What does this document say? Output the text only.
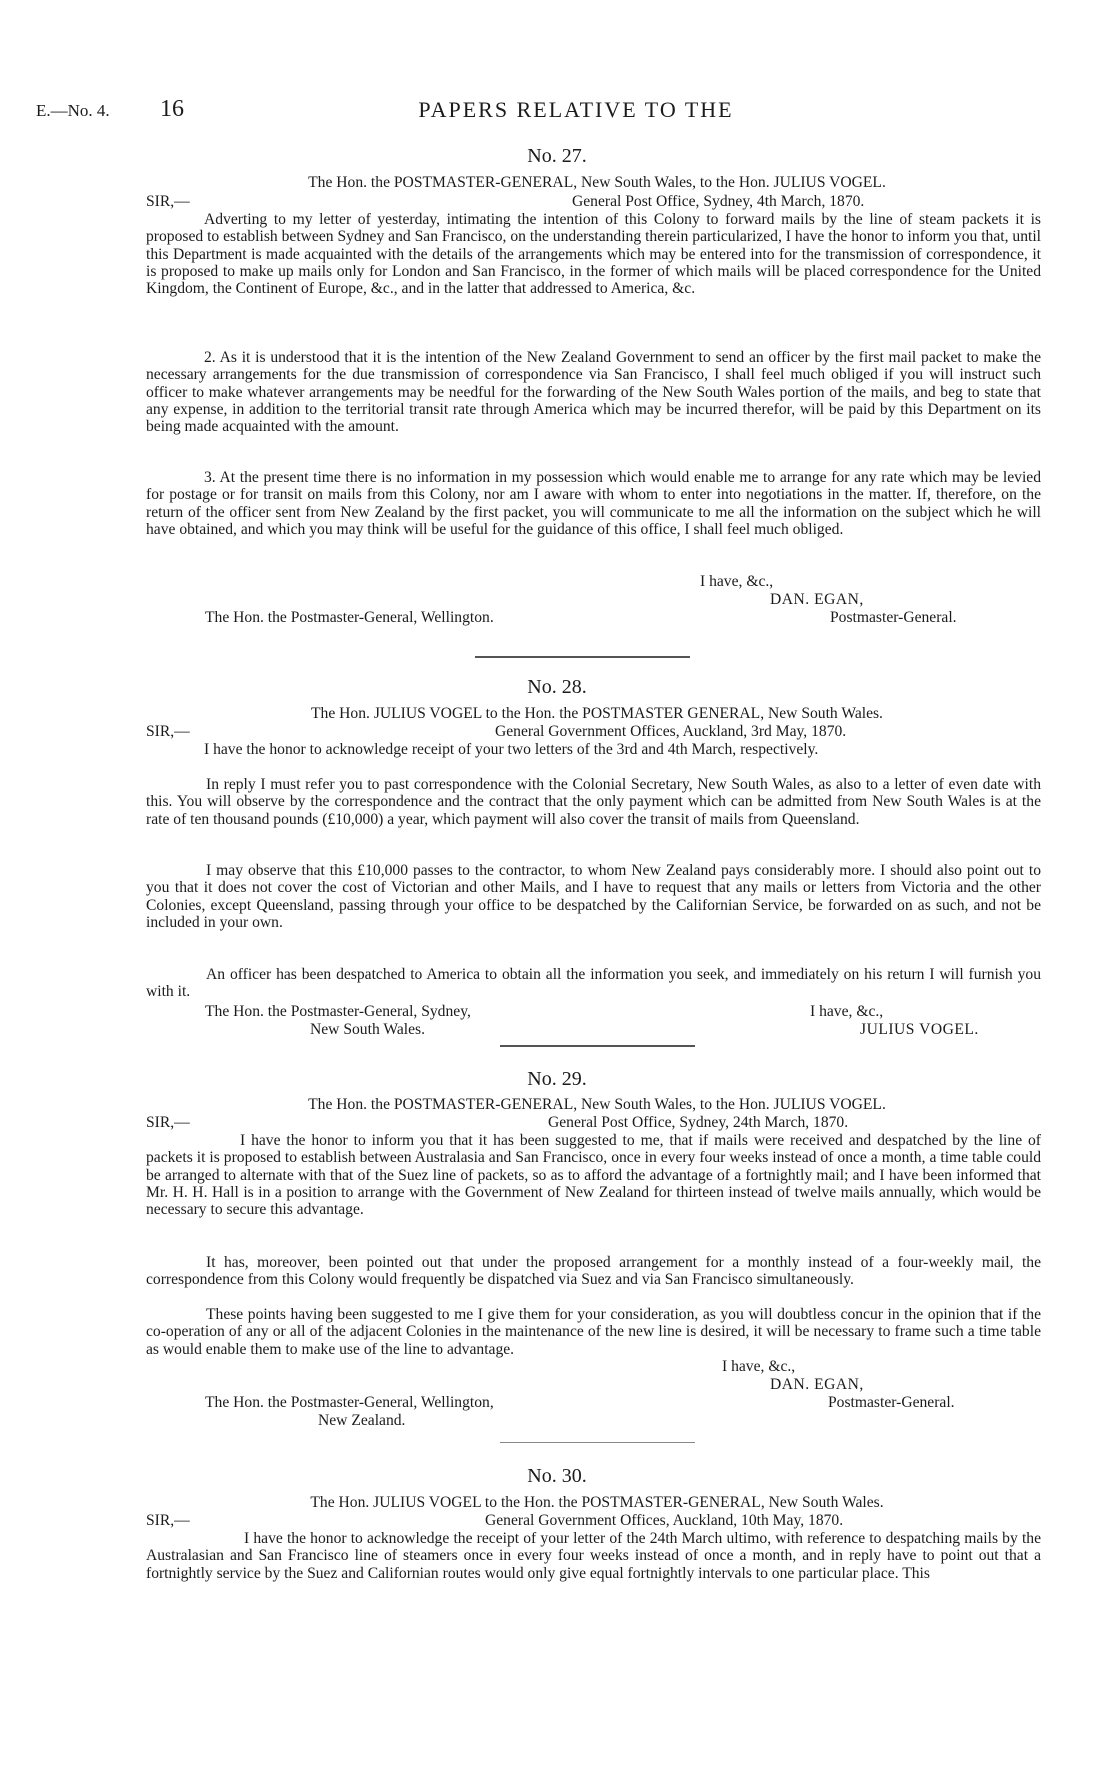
E.—No. 4. 16	PAPERS RELATIVE TO THE
No. 27.
The Hon. the POSTMASTER-GENERAL, New South Wales, to the Hon. JULIUS VOGEL.
SIR,—	General Post Office, Sydney, 4th March, 1870.

Adverting to my letter of yesterday, intimating the intention of this Colony to forward mails by the line of steam packets it is proposed to establish between Sydney and San Francisco, on the understanding therein particularized, I have the honor to inform you that, until this Department is made acquainted with the details of the arrangements which may be entered into for the transmission of correspondence, it is proposed to make up mails only for London and San Francisco, in the former of which mails will be placed correspondence for the United Kingdom, the Continent of Europe, &c., and in the latter that addressed to America, &c.

2. As it is understood that it is the intention of the New Zealand Government to send an officer by the first mail packet to make the necessary arrangements for the due transmission of correspondence via San Francisco, I shall feel much obliged if you will instruct such officer to make whatever arrangements may be needful for the forwarding of the New South Wales portion of the mails, and beg to state that any expense, in addition to the territorial transit rate through America which may be incurred therefor, will be paid by this Department on its being made acquainted with the amount.

3. At the present time there is no information in my possession which would enable me to arrange for any rate which may be levied for postage or for transit on mails from this Colony, nor am I aware with whom to enter into negotiations in the matter. If, therefore, on the return of the officer sent from New Zealand by the first packet, you will communicate to me all the information on the subject which he will have obtained, and which you may think will be useful for the guidance of this office, I shall feel much obliged.

I have, &c.,
DAN. EGAN,
The Hon. the Postmaster-General, Wellington.	Postmaster-General.
No. 28.
The Hon. JULIUS VOGEL to the Hon. the POSTMASTER GENERAL, New South Wales.
SIR,—	General Government Offices, Auckland, 3rd May, 1870.

I have the honor to acknowledge receipt of your two letters of the 3rd and 4th March, respectively.

In reply I must refer you to past correspondence with the Colonial Secretary, New South Wales, as also to a letter of even date with this. You will observe by the correspondence and the contract that the only payment which can be admitted from New South Wales is at the rate of ten thousand pounds (£10,000) a year, which payment will also cover the transit of mails from Queensland.

I may observe that this £10,000 passes to the contractor, to whom New Zealand pays considerably more. I should also point out to you that it does not cover the cost of Victorian and other Mails, and I have to request that any mails or letters from Victoria and the other Colonies, except Queensland, passing through your office to be despatched by the Californian Service, be forwarded on as such, and not be included in your own.

An officer has been despatched to America to obtain all the information you seek, and immediately on his return I will furnish you with it.

The Hon. the Postmaster-General, Sydney,	I have, &c.,
New South Wales.	JULIUS VOGEL.
No. 29.
The Hon. the POSTMASTER-GENERAL, New South Wales, to the Hon. JULIUS VOGEL.
SIR,—	General Post Office, Sydney, 24th March, 1870.

I have the honor to inform you that it has been suggested to me, that if mails were received and despatched by the line of packets it is proposed to establish between Australasia and San Francisco, once in every four weeks instead of once a month, a time table could be arranged to alternate with that of the Suez line of packets, so as to afford the advantage of a fortnightly mail; and I have been informed that Mr. H. H. Hall is in a position to arrange with the Government of New Zealand for thirteen instead of twelve mails annually, which would be necessary to secure this advantage.

It has, moreover, been pointed out that under the proposed arrangement for a monthly instead of a four-weekly mail, the correspondence from this Colony would frequently be dispatched via Suez and via San Francisco simultaneously.

These points having been suggested to me I give them for your consideration, as you will doubtless concur in the opinion that if the co-operation of any or all of the adjacent Colonies in the maintenance of the new line is desired, it will be necessary to frame such a time table as would enable them to make use of the line to advantage.

I have, &c.,
DAN. EGAN,
The Hon. the Postmaster-General, Wellington,	Postmaster-General.
New Zealand.
No. 30.
The Hon. JULIUS VOGEL to the Hon. the POSTMASTER-GENERAL, New South Wales.
SIR,—	General Government Offices, Auckland, 10th May, 1870.

I have the honor to acknowledge the receipt of your letter of the 24th March ultimo, with reference to despatching mails by the Australasian and San Francisco line of steamers once in every four weeks instead of once a month, and in reply have to point out that a fortnightly service by the Suez and Californian routes would only give equal fortnightly intervals to one particular place. This
